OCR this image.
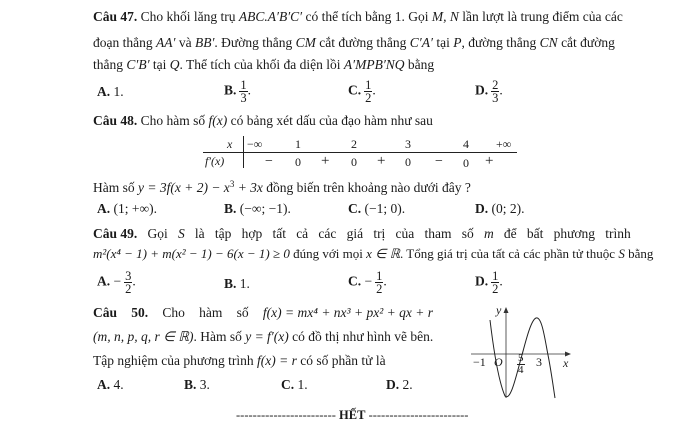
Câu 47. Cho khối lăng trụ ABC.A′B′C′ có thể tích bằng 1. Gọi M, N lần lượt là trung điểm của các
đoạn thẳng AA′ và BB′. Đường thẳng CM cắt đường thẳng C′A′ tại P, đường thẳng CN cắt đường
thẳng C′B′ tại Q. Thể tích của khối đa diện lồi A′MPB′NQ bằng
A. 1.	B. $\frac{1}{3}$ .	C. $\frac{1}{2}$ .	D. $\frac{2}{3}$ .
Câu 48. Cho hàm số f(x) có bảng xét dấu của đạo hàm như sau
x −∞	1	2	3	4 +∞
f′(x)	− 0 + 0 + 0 − 0 +
Hàm số $y = 3f(x + 2) - x^3 + 3x$ đồng biến trên khoảng nào dưới đây ?
A. (1; +∞).	B. (−∞; −1).	C. (−1; 0).	D. (0; 2).
Câu 49. Gọi S là tập hợp tất cả các giá trị của tham số m để bất phương trình
m²(x⁴ − 1) + m(x² − 1) − 6(x − 1) ≥ 0 đúng với mọi x ∈ ℝ. Tổng giá trị của tất cả các phần tử thuộc S bằng
A. − $\frac{3}{2}$ .	B. 1.	C. − $\frac{1}{2}$ .	D. $\frac{1}{2}$ .
Câu 50. Cho hàm số f(x) = mx⁴ + nx³ + px² + qx + r
(m, n, p, q, r ∈ ℝ). Hàm số y = f′(x) có đồ thị như hình vẽ bên.
Tập nghiệm của phương trình f(x) = r có số phần tử là
A. 4.	B. 3.	C. 1.	D. 2.
y
x
−1 O 5
4
3
------------------------ HẾT ------------------------
